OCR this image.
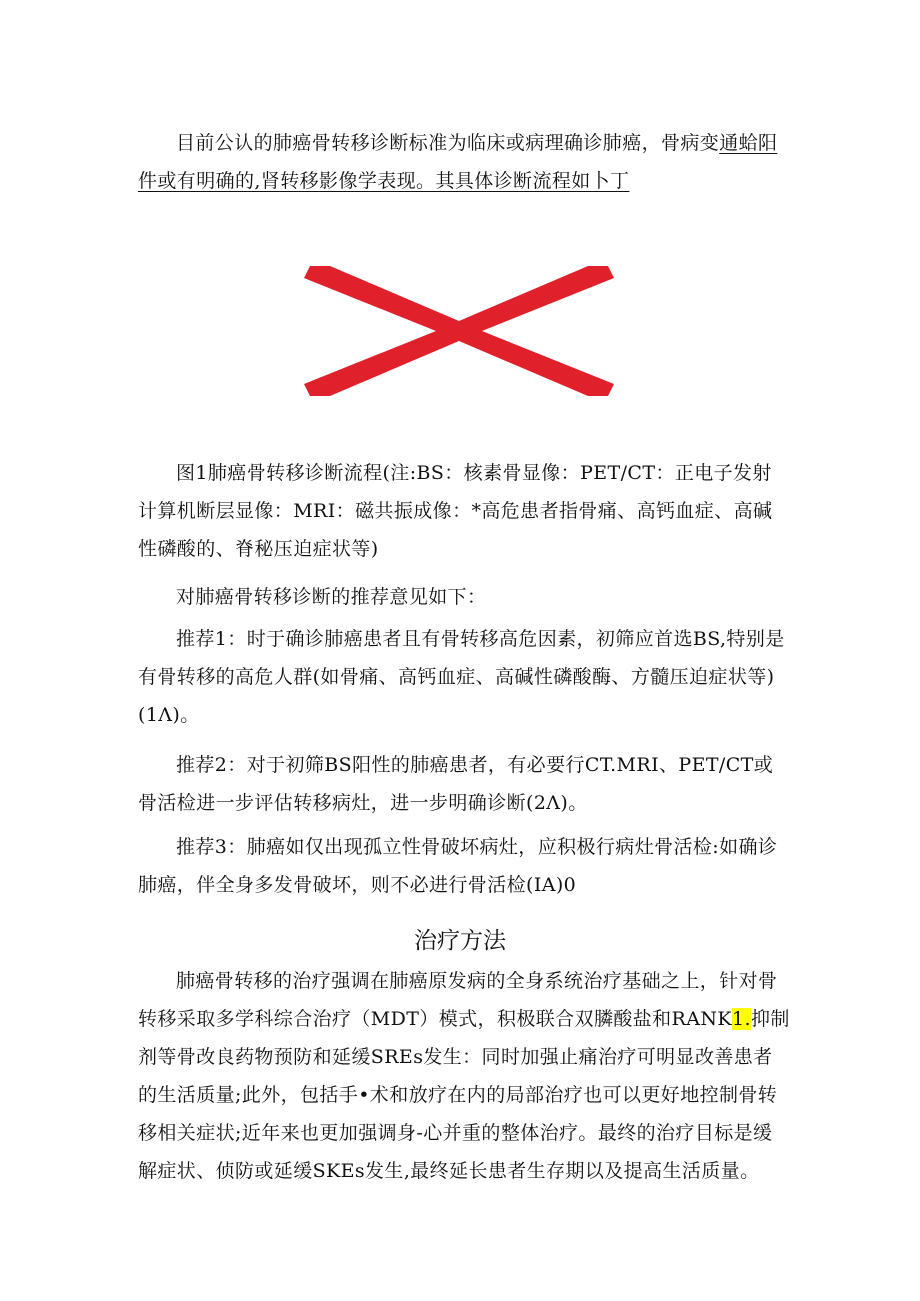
目前公认的肺癌骨转移诊断标准为临床或病理确诊肺癌，骨病变通蛤阳件或有明确的,肾转移影像学表现。其具体诊断流程如卜丁

图1肺癌骨转移诊断流程(注:BS：核素骨显像：PET/CT：正电子发射计算机断层显像：MRI：磁共振成像：*高危患者指骨痛、高钙血症、高碱性磷酸的、脊秘压迫症状等)

对肺癌骨转移诊断的推荐意见如下：

推荐1：时于确诊肺癌患者且有骨转移高危因素，初筛应首选BS,特别是有骨转移的高危人群(如骨痛、高钙血症、高碱性磷酸酶、方髓压迫症状等)(1Λ)。

推荐2：对于初筛BS阳性的肺癌患者，有必要行CT.MRI、PET/CT或骨活检进一步评估转移病灶，进一步明确诊断(2Λ)。

推荐3：肺癌如仅出现孤立性骨破坏病灶，应积极行病灶骨活检:如确诊肺癌，伴全身多发骨破坏，则不必进行骨活检(IA)0

治疗方法

肺癌骨转移的治疗强调在肺癌原发病的全身系统治疗基础之上，针对骨转移采取多学科综合治疗（MDT）模式，积极联合双膦酸盐和RANK1.抑制剂等骨改良药物预防和延缓SREs发生：同时加强止痛治疗可明显改善患者的生活质量;此外，包括手•术和放疗在内的局部治疗也可以更好地控制骨转移相关症状;近年来也更加强调身-心并重的整体治疗。最终的治疗目标是缓解症状、侦防或延缓SKEs发生,最终延长患者生存期以及提高生活质量。
